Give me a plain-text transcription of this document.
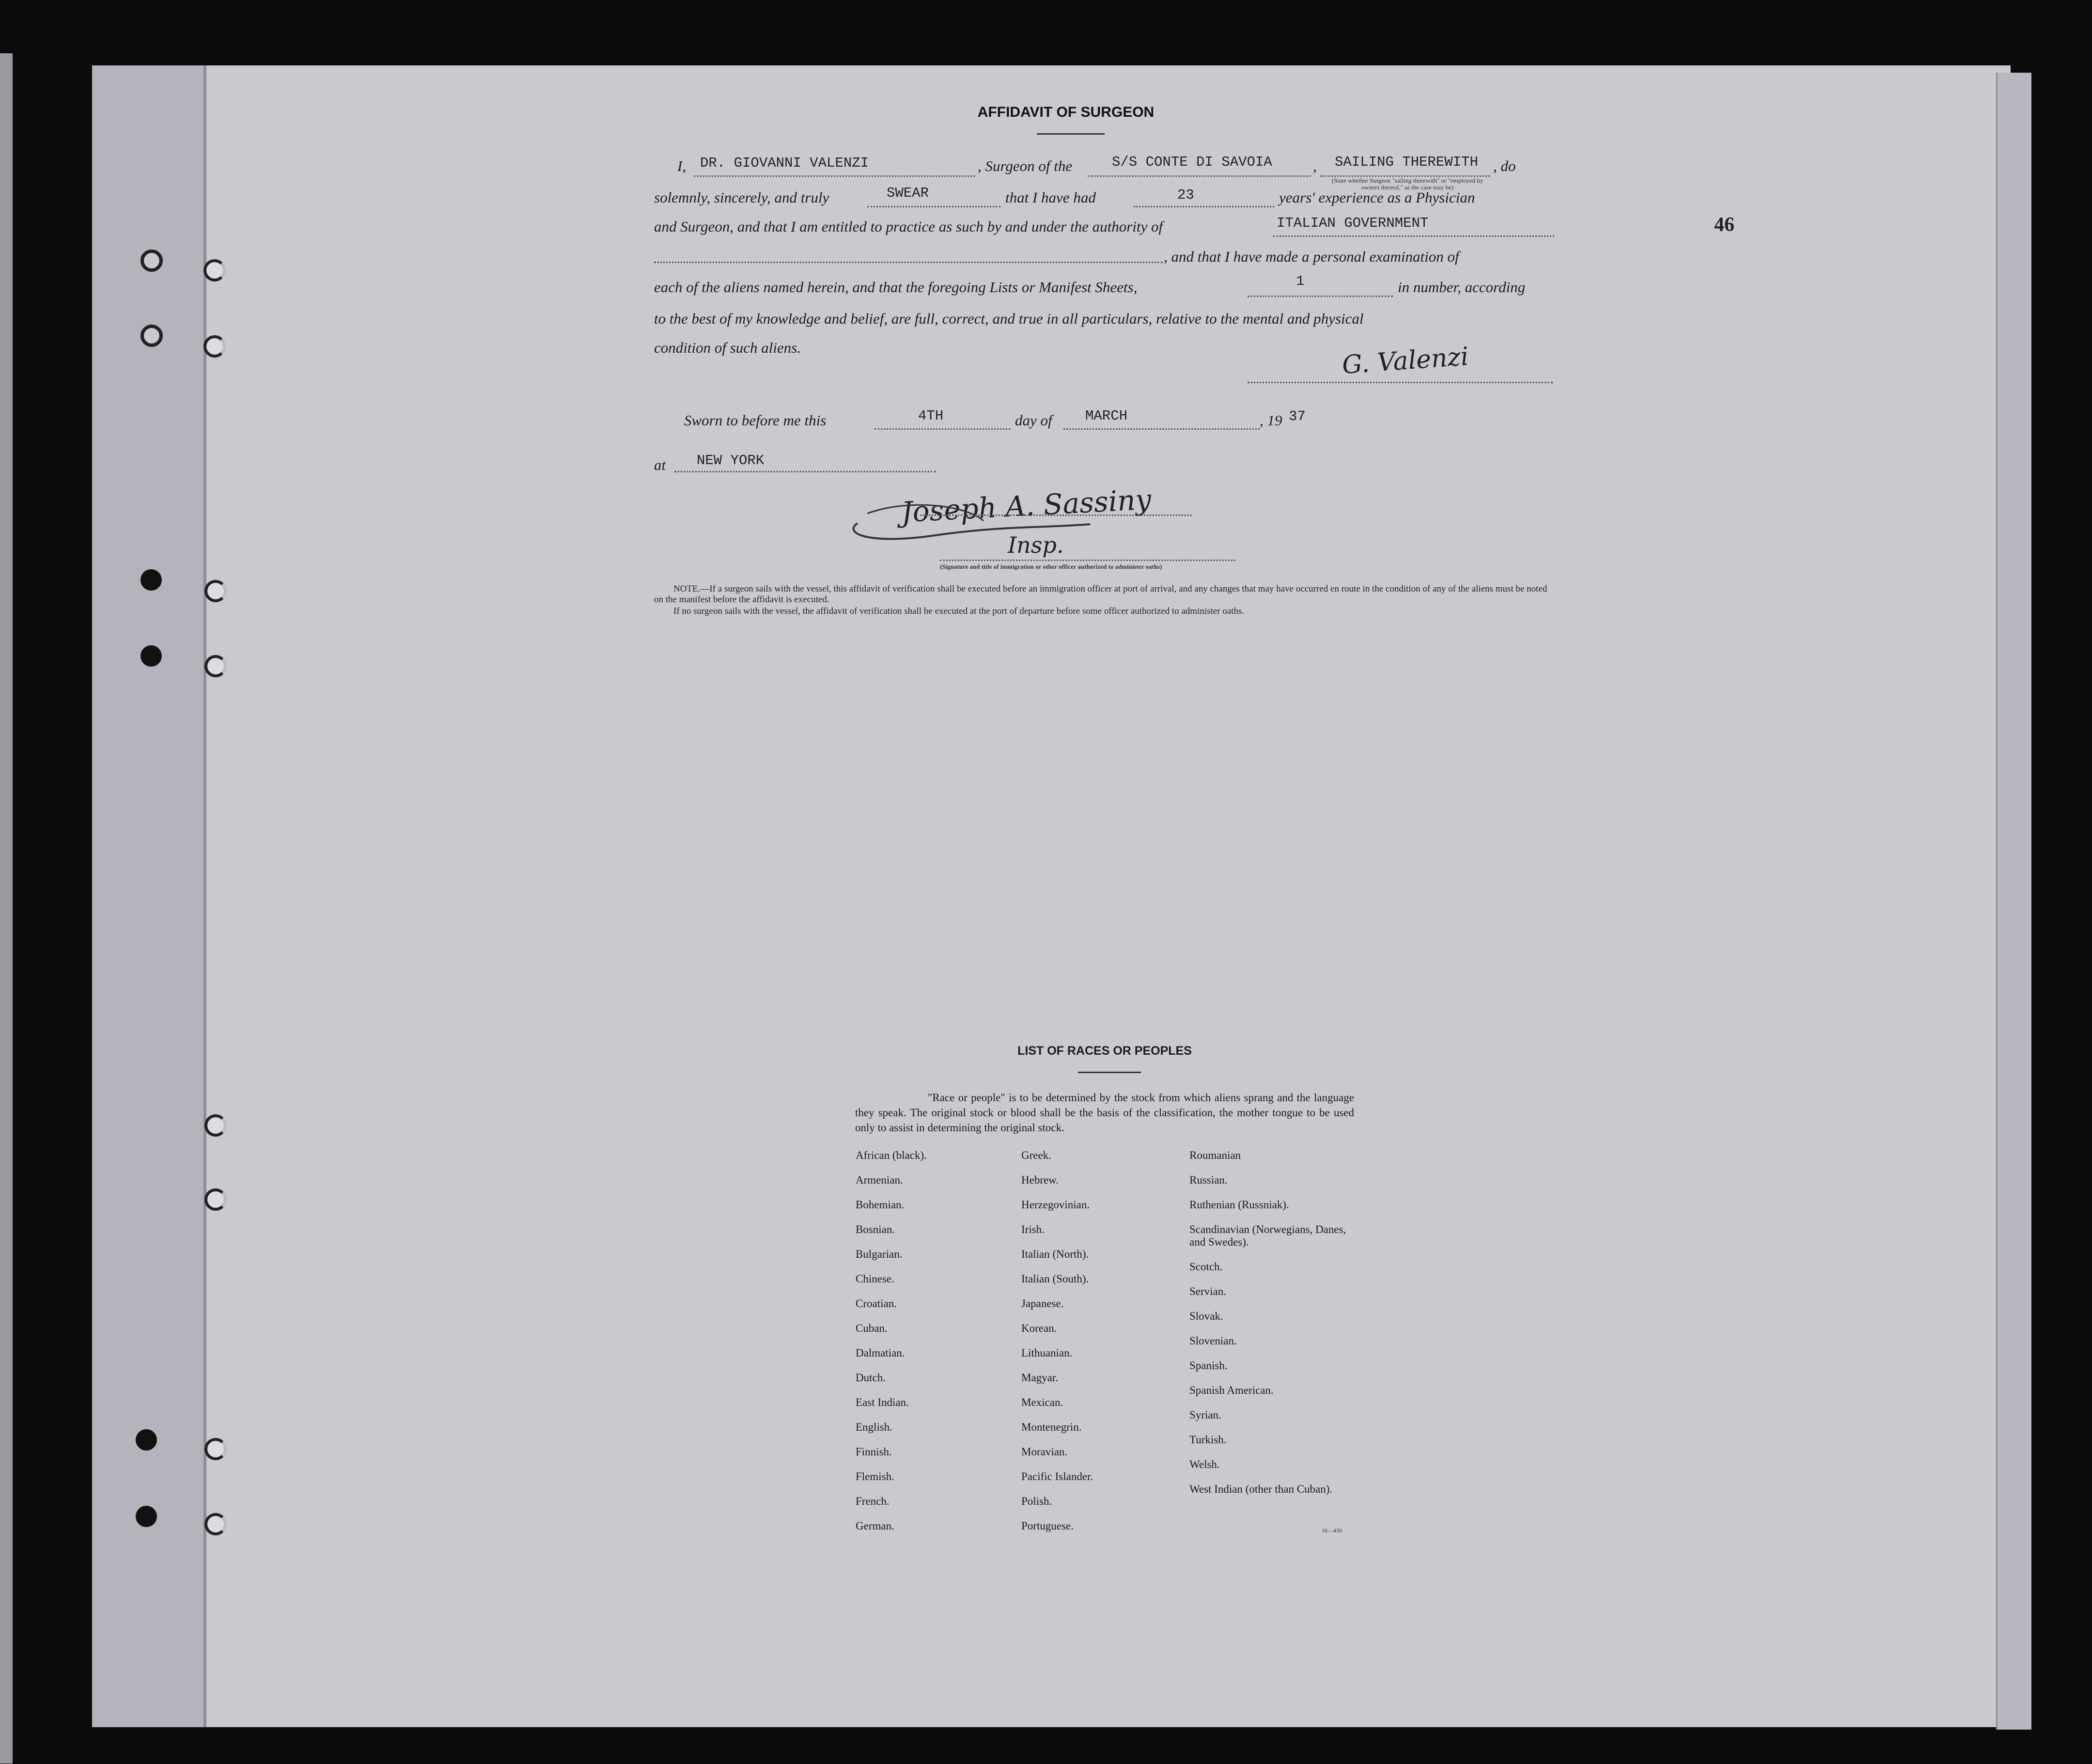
46
AFFIDAVIT OF SURGEON
I, DR. GIOVANNI VALENZI	, Surgeon of the	S/S CONTE DI SAVOIA	, SAILING THEREWITH , do
(State whether Surgeon "sailing therewith" or "employed by owners thereof," as the case may be)
solemnly, sincerely, and truly	SWEAR	that I have had	23	years' experience as a Physician
and Surgeon, and that I am entitled to practice as such by and under the authority of	ITALIAN GOVERNMENT
, and that I have made a personal examination of
each of the aliens named herein, and that the foregoing Lists or Manifest Sheets,	1	in number, according
to the best of my knowledge and belief, are full, correct, and true in all particulars, relative to the mental and physical
condition of such aliens.	G. Valenzi
Sworn to before me this	4TH	day of MARCH	, 19 37
at NEW YORK
Joseph A. Sassiny
Insp.
(Signature and title of immigration or other officer authorized to administer oaths)
NOTE.—If a surgeon sails with the vessel, this affidavit of verification shall be executed before an immigration officer at port of arrival, and any changes that may have occurred en route in the condition of any of the aliens must be noted on the manifest before the affidavit is executed.
If no surgeon sails with the vessel, the affidavit of verification shall be executed at the port of departure before some officer authorized to administer oaths.
LIST OF RACES OR PEOPLES
"Race or people" is to be determined by the stock from which aliens sprang and the language they speak. The original stock or blood shall be the basis of the classification, the mother tongue to be used only to assist in determining the original stock.
African (black).
Armenian.
Bohemian.
Bosnian.
Bulgarian.
Chinese.
Croatian.
Cuban.
Dalmatian.
Dutch.
East Indian.
English.
Finnish.
Flemish.
French.
German.
Greek.
Hebrew.
Herzegovinian.
Irish.
Italian (North).
Italian (South).
Japanese.
Korean.
Lithuanian.
Magyar.
Mexican.
Montenegrin.
Moravian.
Pacific Islander.
Polish.
Portuguese.
Roumanian
Russian.
Ruthenian (Russniak).
Scandinavian (Norwegians, Danes, and Swedes).
Scotch.
Servian.
Slovak.
Slovenian.
Spanish.
Spanish American.
Syrian.
Turkish.
Welsh.
West Indian (other than Cuban).
16—430
